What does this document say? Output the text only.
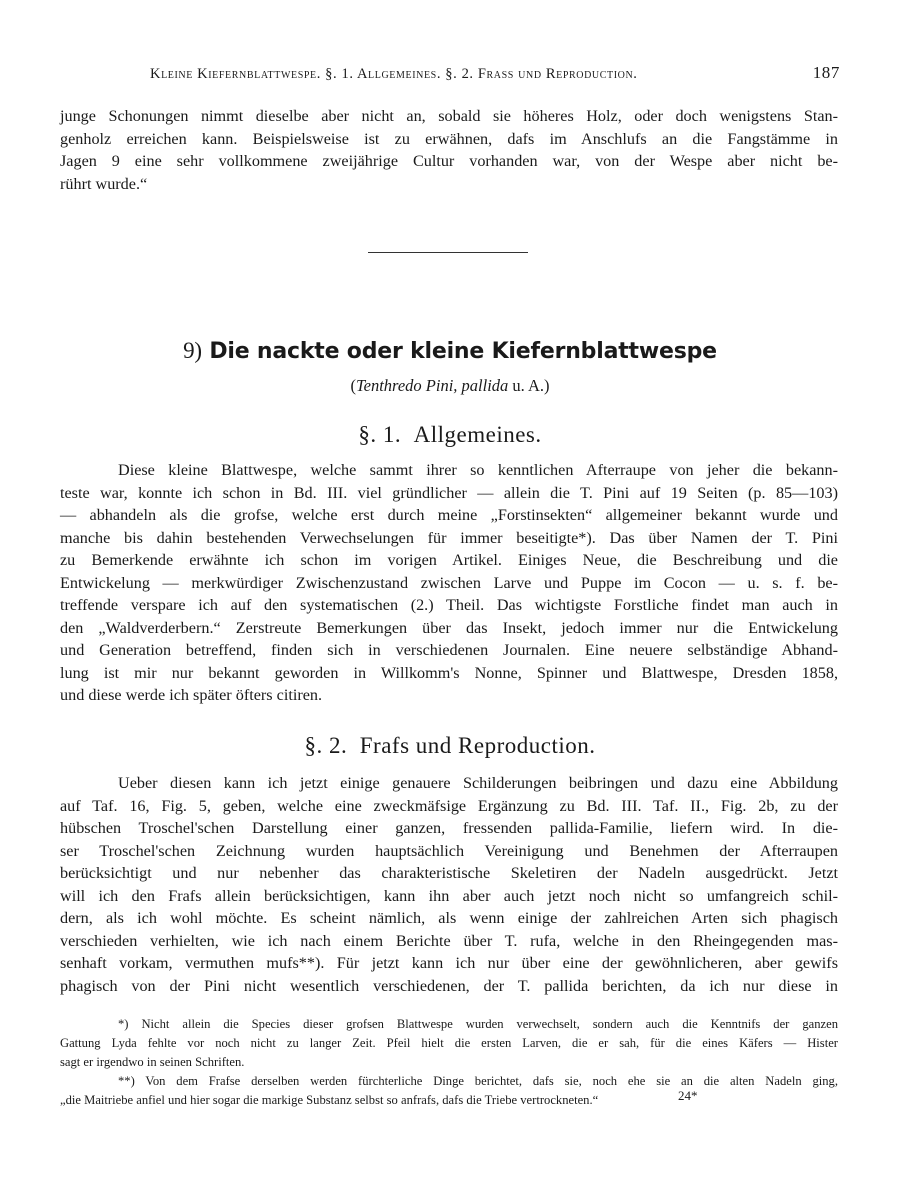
Kleine Kiefernblattwespe. §. 1. Allgemeines. §. 2. Frass und Reproduction.	187

junge Schonungen nimmt dieselbe aber nicht an, sobald sie höheres Holz, oder doch wenigstens Stan-
genholz erreichen kann. Beispielsweise ist zu erwähnen, dafs im Anschlufs an die Fangstämme in
Jagen 9 eine sehr vollkommene zweijährige Cultur vorhanden war, von der Wespe aber nicht be-
rührt wurde.“

9) Die nackte oder kleine Kiefernblattwespe
(Tenthredo Pini, pallida u. A.)
§. 1. Allgemeines.

Diese kleine Blattwespe, welche sammt ihrer so kenntlichen Afterraupe von jeher die bekann-
teste war, konnte ich schon in Bd. III. viel gründlicher — allein die T. Pini auf 19 Seiten (p. 85—103)
— abhandeln als die grofse, welche erst durch meine „Forstinsekten“ allgemeiner bekannt wurde und
manche bis dahin bestehenden Verwechselungen für immer beseitigte*). Das über Namen der T. Pini
zu Bemerkende erwähnte ich schon im vorigen Artikel. Einiges Neue, die Beschreibung und die
Entwickelung — merkwürdiger Zwischenzustand zwischen Larve und Puppe im Cocon — u. s. f. be-
treffende verspare ich auf den systematischen (2.) Theil. Das wichtigste Forstliche findet man auch in
den „Waldverderbern.“ Zerstreute Bemerkungen über das Insekt, jedoch immer nur die Entwickelung
und Generation betreffend, finden sich in verschiedenen Journalen. Eine neuere selbständige Abhand-
lung ist mir nur bekannt geworden in Willkomm's Nonne, Spinner und Blattwespe, Dresden 1858,
und diese werde ich später öfters citiren.

§. 2. Frafs und Reproduction.

Ueber diesen kann ich jetzt einige genauere Schilderungen beibringen und dazu eine Abbildung
auf Taf. 16, Fig. 5, geben, welche eine zweckmäfsige Ergänzung zu Bd. III. Taf. II., Fig. 2b, zu der
hübschen Troschel'schen Darstellung einer ganzen, fressenden pallida-Familie, liefern wird. In die-
ser Troschel'schen Zeichnung wurden hauptsächlich Vereinigung und Benehmen der Afterraupen
berücksichtigt und nur nebenher das charakteristische Skeletiren der Nadeln ausgedrückt. Jetzt
will ich den Frafs allein berücksichtigen, kann ihn aber auch jetzt noch nicht so umfangreich schil-
dern, als ich wohl möchte. Es scheint nämlich, als wenn einige der zahlreichen Arten sich phagisch
verschieden verhielten, wie ich nach einem Berichte über T. rufa, welche in den Rheingegenden mas-
senhaft vorkam, vermuthen mufs**). Für jetzt kann ich nur über eine der gewöhnlicheren, aber gewifs
phagisch von der Pini nicht wesentlich verschiedenen, der T. pallida berichten, da ich nur diese in

*) Nicht allein die Species dieser grofsen Blattwespe wurden verwechselt, sondern auch die Kenntnifs der ganzen
Gattung Lyda fehlte vor noch nicht zu langer Zeit. Pfeil hielt die ersten Larven, die er sah, für die eines Käfers — Hister
sagt er irgendwo in seinen Schriften.
**) Von dem Frafse derselben werden fürchterliche Dinge berichtet, dafs sie, noch ehe sie an die alten Nadeln ging,
„die Maitriebe anfiel und hier sogar die markige Substanz selbst so anfrafs, dafs die Triebe vertrockneten.“	24*
